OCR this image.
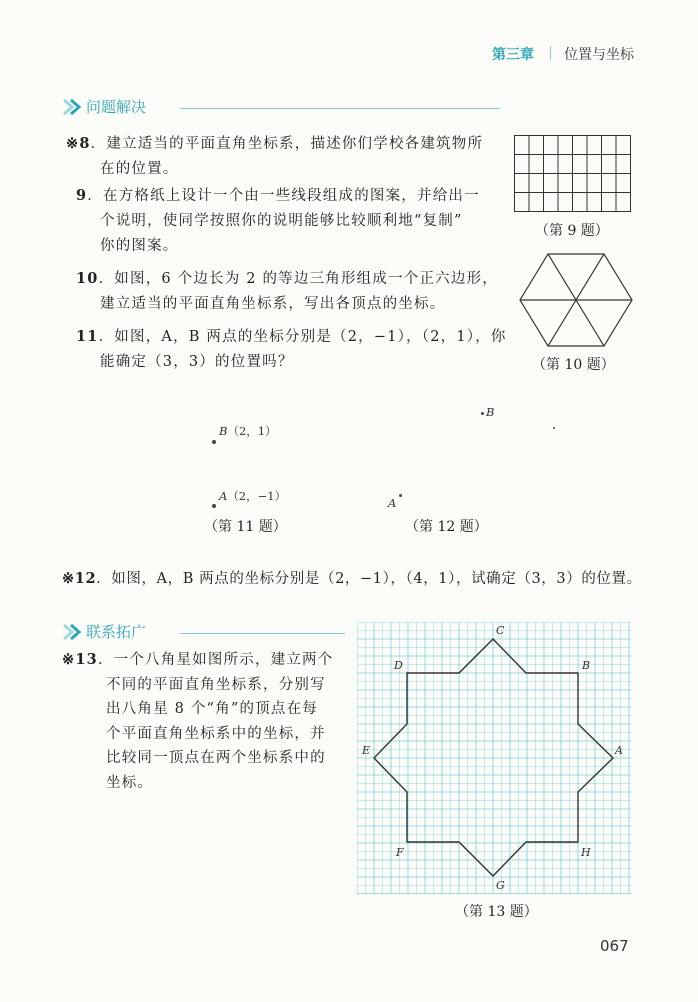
第三章 位置与坐标
问题解决
※8．建立适当的平面直角坐标系，描述你们学校各建筑物所
在的位置。
9．在方格纸上设计一个由一些线段组成的图案，并给出一
个说明，使同学按照你的说明能够比较顺利地“复制”
你的图案。
10．如图，6 个边长为 2 的等边三角形组成一个正六边形，
建立适当的平面直角坐标系，写出各顶点的坐标。
11．如图，A，B 两点的坐标分别是（2，−1），（2，1），你
能确定（3，3）的位置吗？
（第 9 题）
（第 10 题）
B（2，1）
A（2，−1）
（第 11 题）
B
A
（第 12 题）
※12．如图，A，B 两点的坐标分别是（2，−1），（4，1），试确定（3，3）的位置。
联系拓广
※13．一个八角星如图所示，建立两个
不同的平面直角坐标系，分别写
出八角星 8 个“角”的顶点在每
个平面直角坐标系中的坐标，并
比较同一顶点在两个坐标系中的
坐标。
C
B
D
A
E
F	H
G
（第 13 题）
067
